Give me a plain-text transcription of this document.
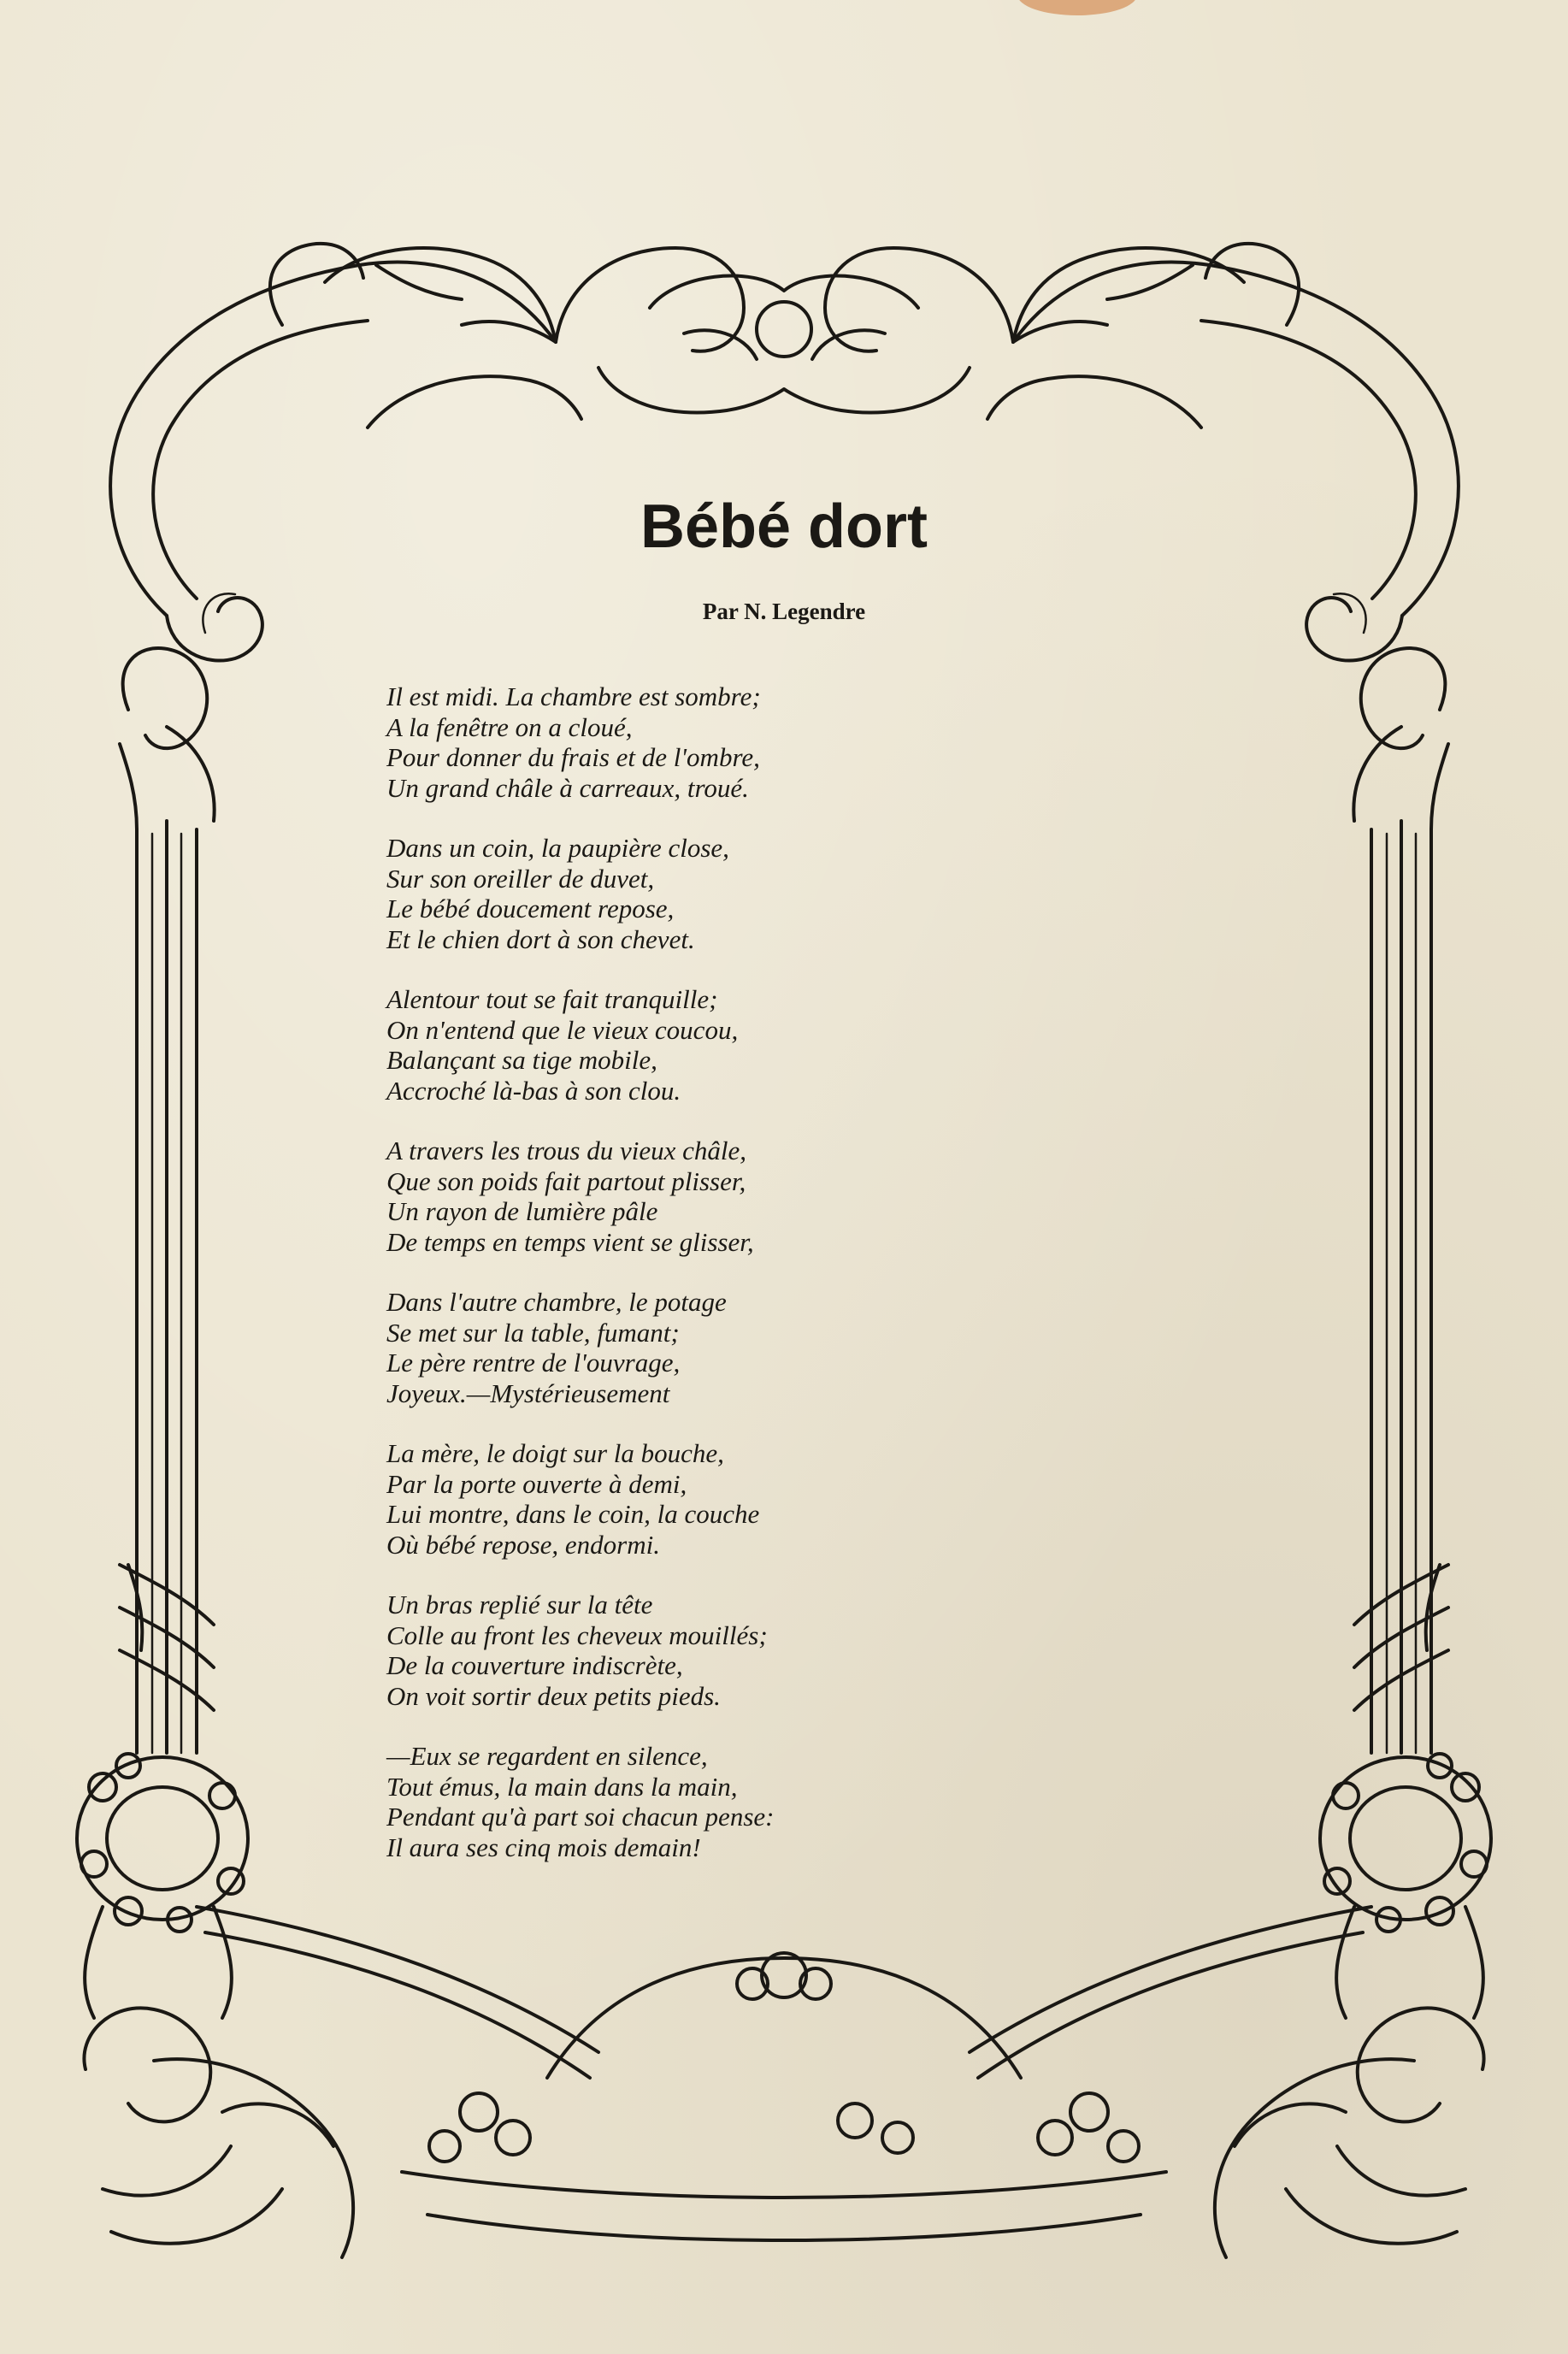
Bébé dort

Par N. Legendre

Il est midi. La chambre est sombre;
A la fenêtre on a cloué,
Pour donner du frais et de l'ombre,
Un grand châle à carreaux, troué.
Dans un coin, la paupière close,
Sur son oreiller de duvet,
Le bébé doucement repose,
Et le chien dort à son chevet.
Alentour tout se fait tranquille;
On n'entend que le vieux coucou,
Balançant sa tige mobile,
Accroché là-bas à son clou.
A travers les trous du vieux châle,
Que son poids fait partout plisser,
Un rayon de lumière pâle
De temps en temps vient se glisser,
Dans l'autre chambre, le potage
Se met sur la table, fumant;
Le père rentre de l'ouvrage,
Joyeux.—Mystérieusement
La mère, le doigt sur la bouche,
Par la porte ouverte à demi,
Lui montre, dans le coin, la couche
Où bébé repose, endormi.
Un bras replié sur la tête
Colle au front les cheveux mouillés;
De la couverture indiscrète,
On voit sortir deux petits pieds.
—Eux se regardent en silence,
Tout émus, la main dans la main,
Pendant qu'à part soi chacun pense:
Il aura ses cinq mois demain!
